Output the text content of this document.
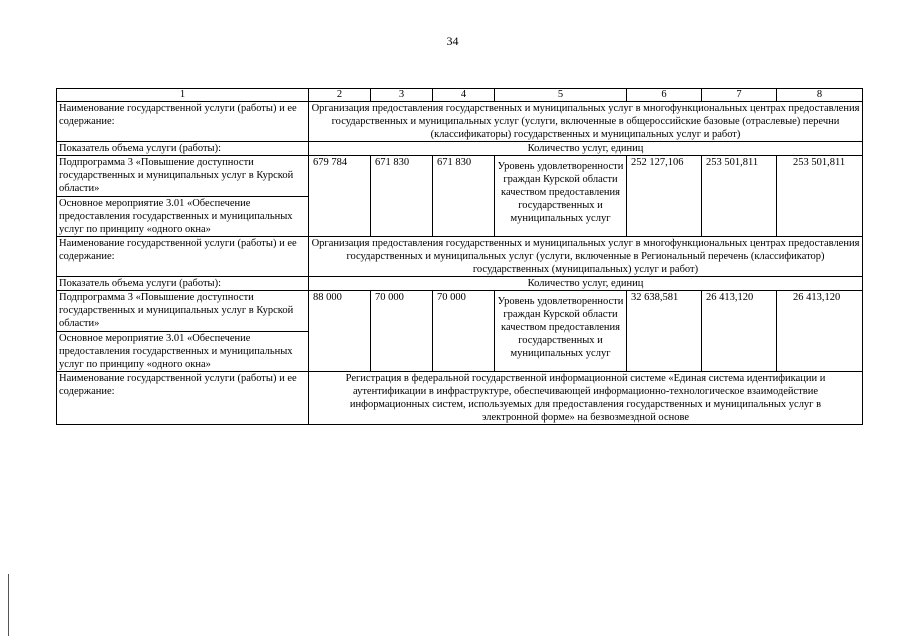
34
1	2	3	4	5	6	7	8
Наименование государственной услуги (работы) и ее содержание:	Организация предоставления государственных и муниципальных услуг в многофункциональных центрах предоставления государственных и муниципальных услуг (услуги, включенные в общероссийские базовые (отраслевые) перечни (классификаторы) государственных и муниципальных услуг и работ)						
Показатель объема услуги (работы):	Количество услуг, единиц						
Подпрограмма 3 «Повышение доступности государственных и муниципальных услуг в Курской области»	679 784	671 830	671 830	Уровень удовлетворенности граждан Курской области качеством предоставления государственных и муниципальных услуг	252 127,106	253 501,811	253 501,811
Основное мероприятие 3.01 «Обеспечение предоставления государственных и муниципальных услуг по принципу «одного окна»							
Наименование государственной услуги (работы) и ее содержание:	Организация предоставления государственных и муниципальных услуг в многофункциональных центрах предоставления государственных и муниципальных услуг (услуги, включенные в Региональный перечень (классификатор) государственных (муниципальных) услуг и работ)						
Показатель объема услуги (работы):	Количество услуг, единиц						
Подпрограмма 3 «Повышение доступности государственных и муниципальных услуг в Курской области»	88 000	70 000	70 000	Уровень удовлетворенности граждан Курской области качеством предоставления государственных и муниципальных услуг	32 638,581	26 413,120	26 413,120
Основное мероприятие 3.01 «Обеспечение предоставления государственных и муниципальных услуг по принципу «одного окна»							
Наименование государственной услуги (работы) и ее содержание:	Регистрация в федеральной государственной информационной системе «Единая система идентификации и аутентификации в инфраструктуре, обеспечивающей информационно-технологическое взаимодействие информационных систем, используемых для предоставления государственных и муниципальных услуг в электронной форме» на безвозмездной основе						
